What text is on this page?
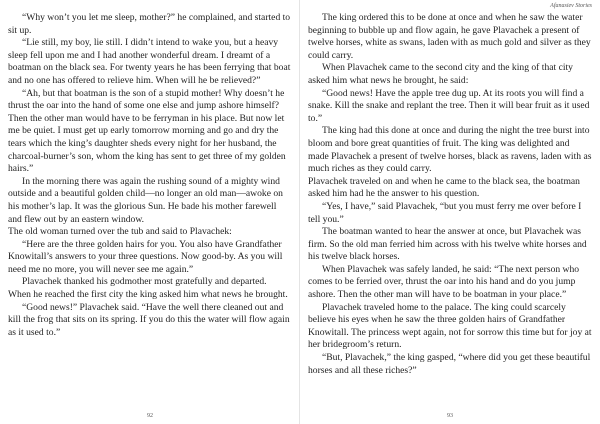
“Why won’t you let me sleep, mother?” he complained, and started to sit up.

“Lie still, my boy, lie still. I didn’t intend to wake you, but a heavy sleep fell upon me and I had another wonderful dream. I dreamt of a boatman on the black sea. For twenty years he has been ferrying that boat and no one has offered to relieve him. When will he be relieved?”

“Ah, but that boatman is the son of a stupid mother! Why doesn’t he thrust the oar into the hand of some one else and jump ashore himself? Then the other man would have to be ferryman in his place. But now let me be quiet. I must get up early tomorrow morning and go and dry the tears which the king’s daughter sheds every night for her husband, the charcoal-burner’s son, whom the king has sent to get three of my golden hairs.”

In the morning there was again the rushing sound of a mighty wind outside and a beautiful golden child—no longer an old man—awoke on his mother’s lap. It was the glorious Sun. He bade his mother farewell and flew out by an eastern window.

The old woman turned over the tub and said to Plavachek:

“Here are the three golden hairs for you. You also have Grandfather Knowitall’s answers to your three questions. Now good-by. As you will need me no more, you will never see me again.”

Plavachek thanked his godmother most gratefully and departed.

When he reached the first city the king asked him what news he brought.

“Good news!” Plavachek said. “Have the well there cleaned out and kill the frog that sits on its spring. If you do this the water will flow again as it used to.”

92
Afanasiev Stories

The king ordered this to be done at once and when he saw the water beginning to bubble up and flow again, he gave Plavachek a present of twelve horses, white as swans, laden with as much gold and silver as they could carry.

When Plavachek came to the second city and the king of that city asked him what news he brought, he said:

“Good news! Have the apple tree dug up. At its roots you will find a snake. Kill the snake and replant the tree. Then it will bear fruit as it used to.”

The king had this done at once and during the night the tree burst into bloom and bore great quantities of fruit. The king was delighted and made Plavachek a present of twelve horses, black as ravens, laden with as much riches as they could carry.

Plavachek traveled on and when he came to the black sea, the boatman asked him had he the answer to his question.

“Yes, I have,” said Plavachek, “but you must ferry me over before I tell you.”

The boatman wanted to hear the answer at once, but Plavachek was firm. So the old man ferried him across with his twelve white horses and his twelve black horses.

When Plavachek was safely landed, he said: “The next person who comes to be ferried over, thrust the oar into his hand and do you jump ashore. Then the other man will have to be boatman in your place.”

Plavachek traveled home to the palace. The king could scarcely believe his eyes when he saw the three golden hairs of Grandfather Knowitall. The princess wept again, not for sorrow this time but for joy at her bridegroom’s return.

“But, Plavachek,” the king gasped, “where did you get these beautiful horses and all these riches?”

93
